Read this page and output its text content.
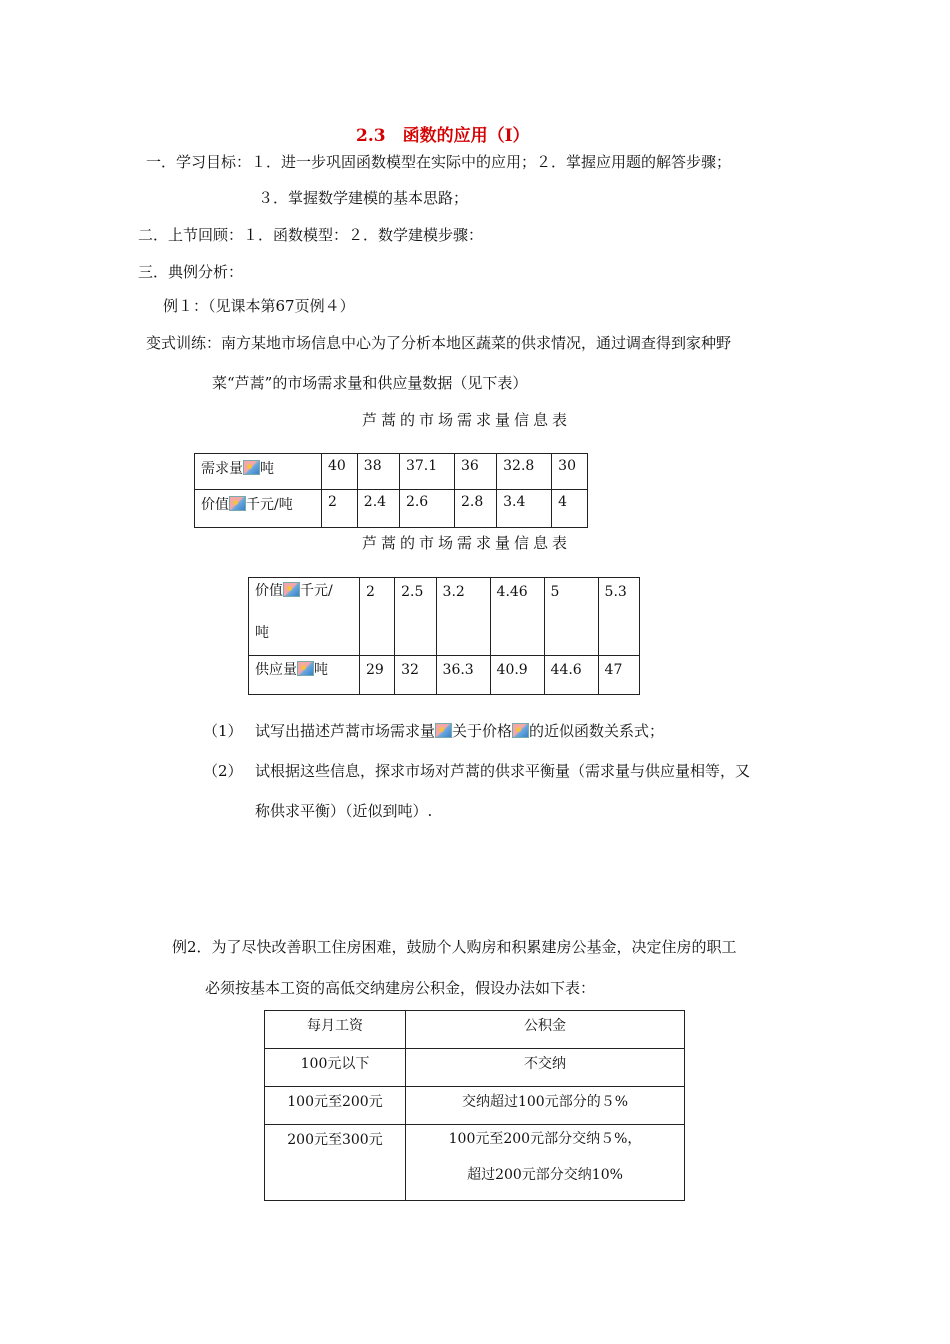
2.3　函数的应用（Ⅰ）
一．学习目标：１．进一步巩固函数模型在实际中的应用；２．掌握应用题的解答步骤；
３．掌握数学建模的基本思路；
二．上节回顾：１．函数模型：２．数学建模步骤：
三．典例分析：
例１：（见课本第67页例４）
变式训练：南方某地市场信息中心为了分析本地区蔬菜的供求情况，通过调查得到家种野
菜“芦蒿”的市场需求量和供应量数据（见下表）
芦蒿的市场需求量信息表
需求量 吨	40	38	37.1	36	32.8	30
价值 千元/吨	2	2.4	2.6	2.8	3.4	4
芦蒿的市场需求量信息表
价值 千元/
吨	2	2.5	3.2	4.46	5	5.3
供应量 吨	29	32	36.3	40.9	44.6	47
（1） 试写出描述芦蒿市场需求量 关于价格 的近似函数关系式；
（2） 试根据这些信息，探求市场对芦蒿的供求平衡量（需求量与供应量相等，又
称供求平衡）（近似到吨）.
例2．为了尽快改善职工住房困难，鼓励个人购房和积累建房公基金，决定住房的职工
必须按基本工资的高低交纳建房公积金，假设办法如下表：
每月工资	公积金
100元以下	不交纳
100元至200元	交纳超过100元部分的５%
200元至300元	100元至200元部分交纳５%，
超过200元部分交纳10%
